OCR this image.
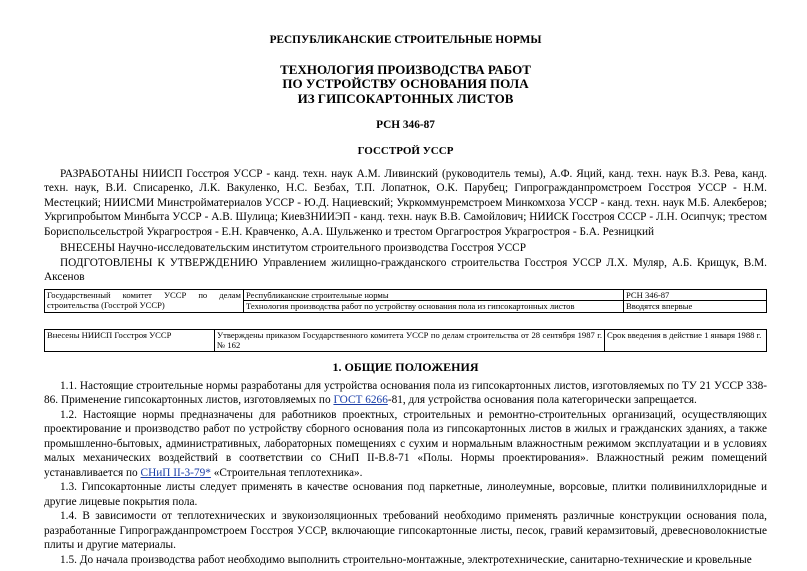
РЕСПУБЛИКАНСКИЕ СТРОИТЕЛЬНЫЕ НОРМЫ
ТЕХНОЛОГИЯ ПРОИЗВОДСТВА РАБОТ
ПО УСТРОЙСТВУ ОСНОВАНИЯ ПОЛА
ИЗ ГИПСОКАРТОННЫХ ЛИСТОВ
РСН 346-87
ГОССТРОЙ УССР

РАЗРАБОТАНЫ НИИСП Госстроя УССР - канд. техн. наук А.М. Ливинский (руководитель темы), А.Ф. Яций, канд. техн. наук В.З. Рева, канд. техн. наук, В.И. Списаренко, Л.К. Вакуленко, Н.С. Безбах, Т.П. Лопатнок, О.К. Парубец; Гипрогражданпромстроем Госстроя УССР - Н.М. Местецкий; НИИСМИ Минстройматериалов УССР - Ю.Д. Нациевский; Укркоммунремстроем Минкомхоза УССР - канд. техн. наук М.Б. Алекберов; Укргипробытом Минбыта УССР - А.В. Шулица; КиевЗНИИЭП - канд. техн. наук В.В. Самойлович; НИИСК Госстроя СССР - Л.Н. Осипчук; трестом Бориспольсельстрой Украгростроя - Е.Н. Кравченко, А.А. Шульженко и трестом Оргагростроя Украгростроя - Б.А. Резницкий

ВНЕСЕНЫ Научно-исследовательским институтом строительного производства Госстроя УССР

ПОДГОТОВЛЕНЫ К УТВЕРЖДЕНИЮ Управлением жилищно-гражданского строительства Госстроя УССР Л.Х. Муляр, А.Б. Крищук, В.М. Аксенов

Государственный комитет УССР по делам строительства (Госстрой УССР)	Республиканские строительные нормы	РСН 346-87
	Технология производства работ по устройству основания пола из гипсокартонных листов	Вводятся впервые
Внесены НИИСП Госстроя УССР	Утверждены приказом Государственного комитета УССР по делам строительства от 28 сентября 1987 г. № 162	Срок введения в действие 1 января 1988 г.
1. ОБЩИЕ ПОЛОЖЕНИЯ

1.1. Настоящие строительные нормы разработаны для устройства основания пола из гипсокартонных листов, изготовляемых по ТУ 21 УССР 338-86. Применение гипсокартонных листов, изготовляемых по ГОСТ 6266-81, для устройства основания пола категорически запрещается.

1.2. Настоящие нормы предназначены для работников проектных, строительных и ремонтно-строительных организаций, осуществляющих проектирование и производство работ по устройству сборного основания пола из гипсокартонных листов в жилых и гражданских зданиях, а также промышленно-бытовых, административных, лабораторных помещениях с сухим и нормальным влажностным режимом эксплуатации и в условиях малых механических воздействий в соответствии со СНиП II-В.8-71 «Полы. Нормы проектирования». Влажностный режим помещений устанавливается по СНиП II-3-79* «Строительная теплотехника».

1.3. Гипсокартонные листы следует применять в качестве основания под паркетные, линолеумные, ворсовые, плитки поливинилхлоридные и другие лицевые покрытия пола.

1.4. В зависимости от теплотехнических и звукоизоляционных требований необходимо применять различные конструкции основания пола, разработанные Гипрогражданпромстроем Госстроя УССР, включающие гипсокартонные листы, песок, гравий керамзитовый, древесноволокнистые плиты и другие материалы.

1.5. До начала производства работ необходимо выполнить строительно-монтажные, электротехнические, санитарно-технические и кровельные
